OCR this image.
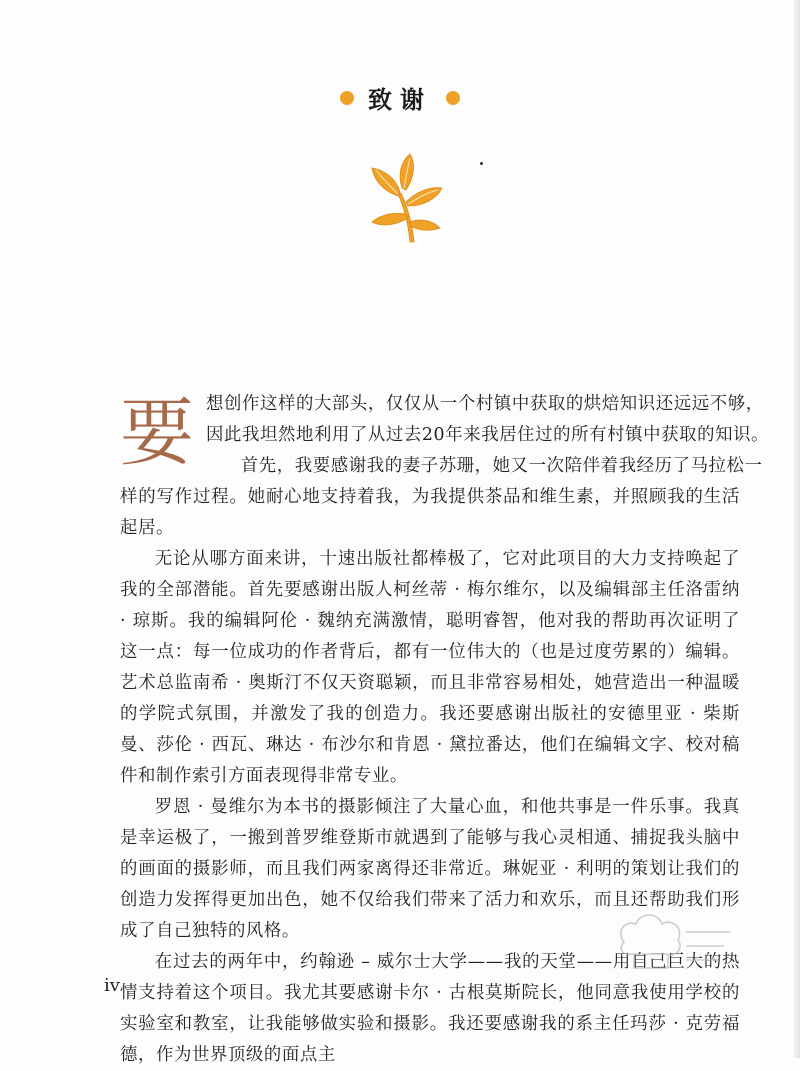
致谢
要 想创作这样的大部头，仅仅从一个村镇中获取的烘焙知识还远远不够，
因此我坦然地利用了从过去20年来我居住过的所有村镇中获取的知识。
首先，我要感谢我的妻子苏珊，她又一次陪伴着我经历了马拉松一

样的写作过程。她耐心地支持着我，为我提供茶品和维生素，并照顾我的生活起居。

无论从哪方面来讲，十速出版社都棒极了，它对此项目的大力支持唤起了我的全部潜能。首先要感谢出版人柯丝蒂 · 梅尔维尔，以及编辑部主任洛雷纳 · 琼斯。我的编辑阿伦 · 魏纳充满激情，聪明睿智，他对我的帮助再次证明了这一点：每一位成功的作者背后，都有一位伟大的（也是过度劳累的）编辑。艺术总监南希 · 奥斯汀不仅天资聪颖，而且非常容易相处，她营造出一种温暖的学院式氛围，并激发了我的创造力。我还要感谢出版社的安德里亚 · 柴斯曼、莎伦 · 西瓦、琳达 · 布沙尔和肯恩 · 黛拉番达，他们在编辑文字、校对稿件和制作索引方面表现得非常专业。

罗恩 · 曼维尔为本书的摄影倾注了大量心血，和他共事是一件乐事。我真是幸运极了，一搬到普罗维登斯市就遇到了能够与我心灵相通、捕捉我头脑中的画面的摄影师，而且我们两家离得还非常近。琳妮亚 · 利明的策划让我们的创造力发挥得更加出色，她不仅给我们带来了活力和欢乐，而且还帮助我们形成了自己独特的风格。

在过去的两年中，约翰逊 – 威尔士大学——我的天堂——用自己巨大的热情支持着这个项目。我尤其要感谢卡尔 · 古根莫斯院长，他同意我使用学校的实验室和教室，让我能够做实验和摄影。我还要感谢我的系主任玛莎 · 克劳福德，作为世界顶级的面点主

iv
